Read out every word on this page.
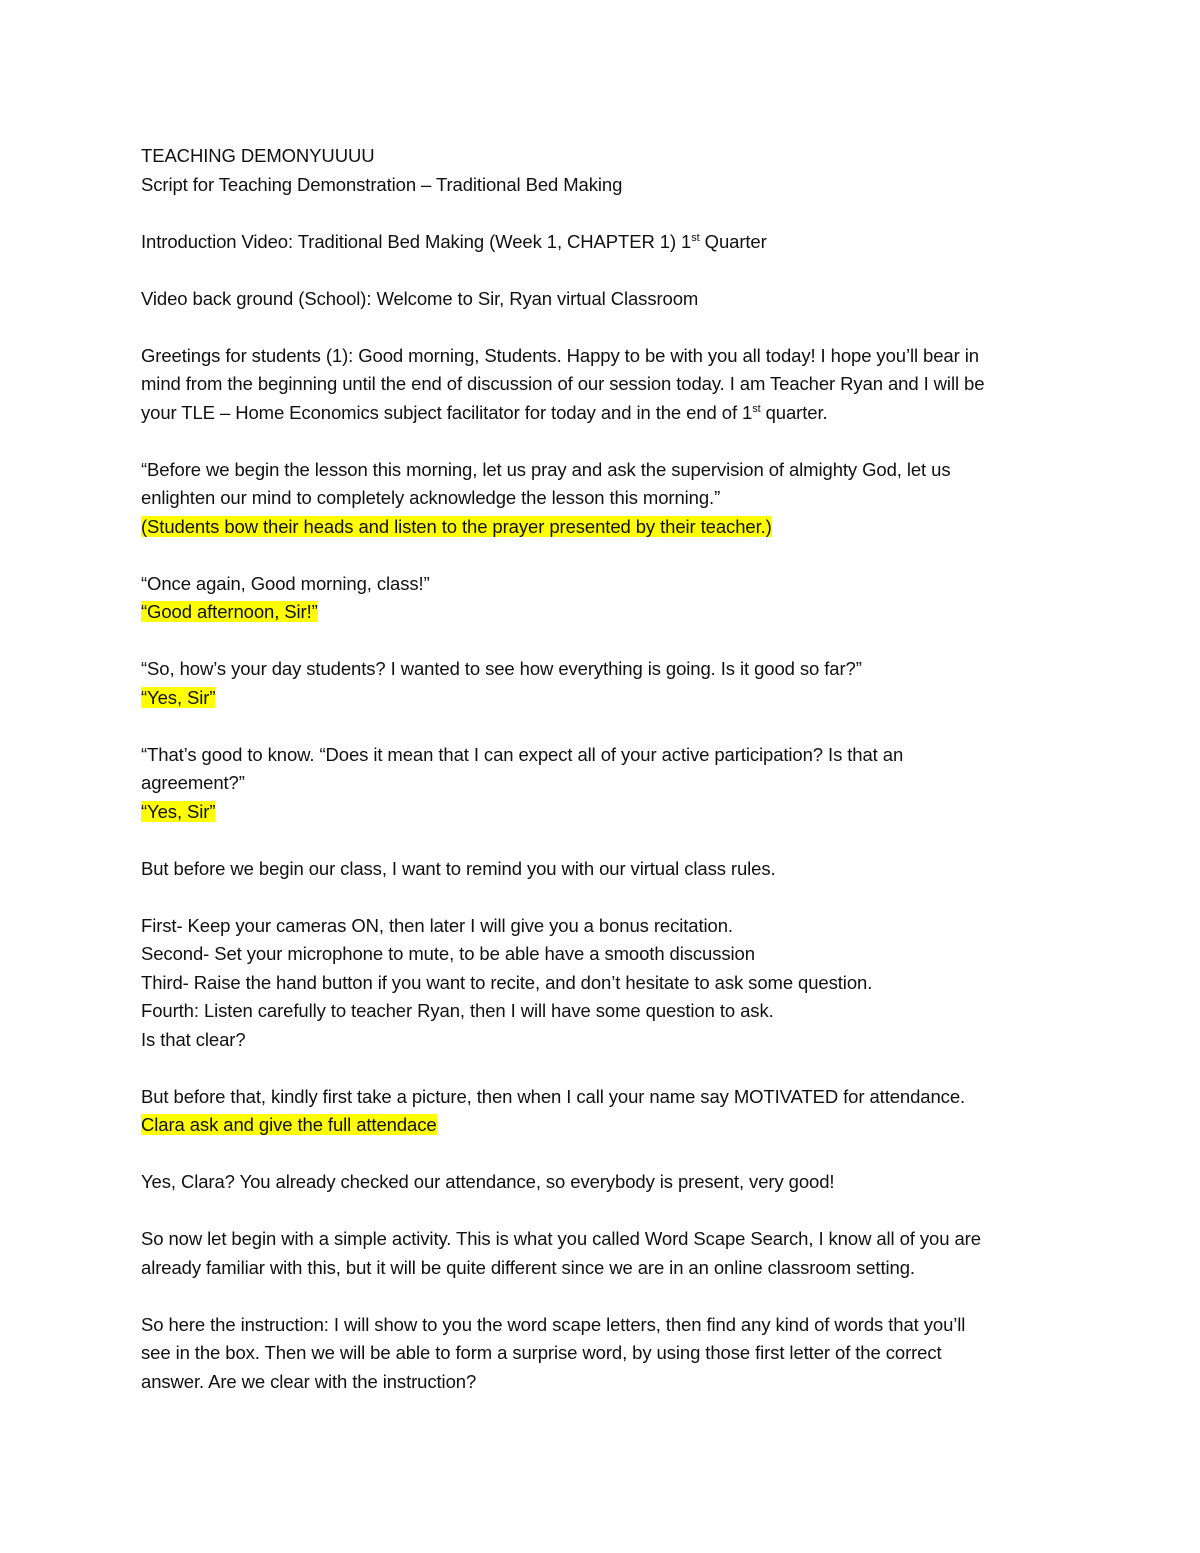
TEACHING DEMONYUUUU
Script for Teaching Demonstration – Traditional Bed Making
Introduction Video: Traditional Bed Making (Week 1, CHAPTER 1) 1st Quarter
Video back ground (School): Welcome to Sir, Ryan virtual Classroom
Greetings for students (1): Good morning, Students. Happy to be with you all today! I hope you’ll bear in
mind from the beginning until the end of discussion of our session today. I am Teacher Ryan and I will be
your TLE – Home Economics subject facilitator for today and in the end of 1st quarter.
“Before we begin the lesson this morning, let us pray and ask the supervision of almighty God, let us
enlighten our mind to completely acknowledge the lesson this morning.”
(Students bow their heads and listen to the prayer presented by their teacher.)
“Once again, Good morning, class!”
“Good afternoon, Sir!”
“So, how’s your day students? I wanted to see how everything is going. Is it good so far?”
“Yes, Sir”
“That’s good to know. “Does it mean that I can expect all of your active participation? Is that an
agreement?”
“Yes, Sir”
But before we begin our class, I want to remind you with our virtual class rules.
First- Keep your cameras ON, then later I will give you a bonus recitation.
Second- Set your microphone to mute, to be able have a smooth discussion
Third- Raise the hand button if you want to recite, and don’t hesitate to ask some question.
Fourth: Listen carefully to teacher Ryan, then I will have some question to ask.
Is that clear?
But before that, kindly first take a picture, then when I call your name say MOTIVATED for attendance.
Clara ask and give the full attendace
Yes, Clara? You already checked our attendance, so everybody is present, very good!
So now let begin with a simple activity. This is what you called Word Scape Search, I know all of you are
already familiar with this, but it will be quite different since we are in an online classroom setting.
So here the instruction: I will show to you the word scape letters, then find any kind of words that you’ll
see in the box. Then we will be able to form a surprise word, by using those first letter of the correct
answer. Are we clear with the instruction?
